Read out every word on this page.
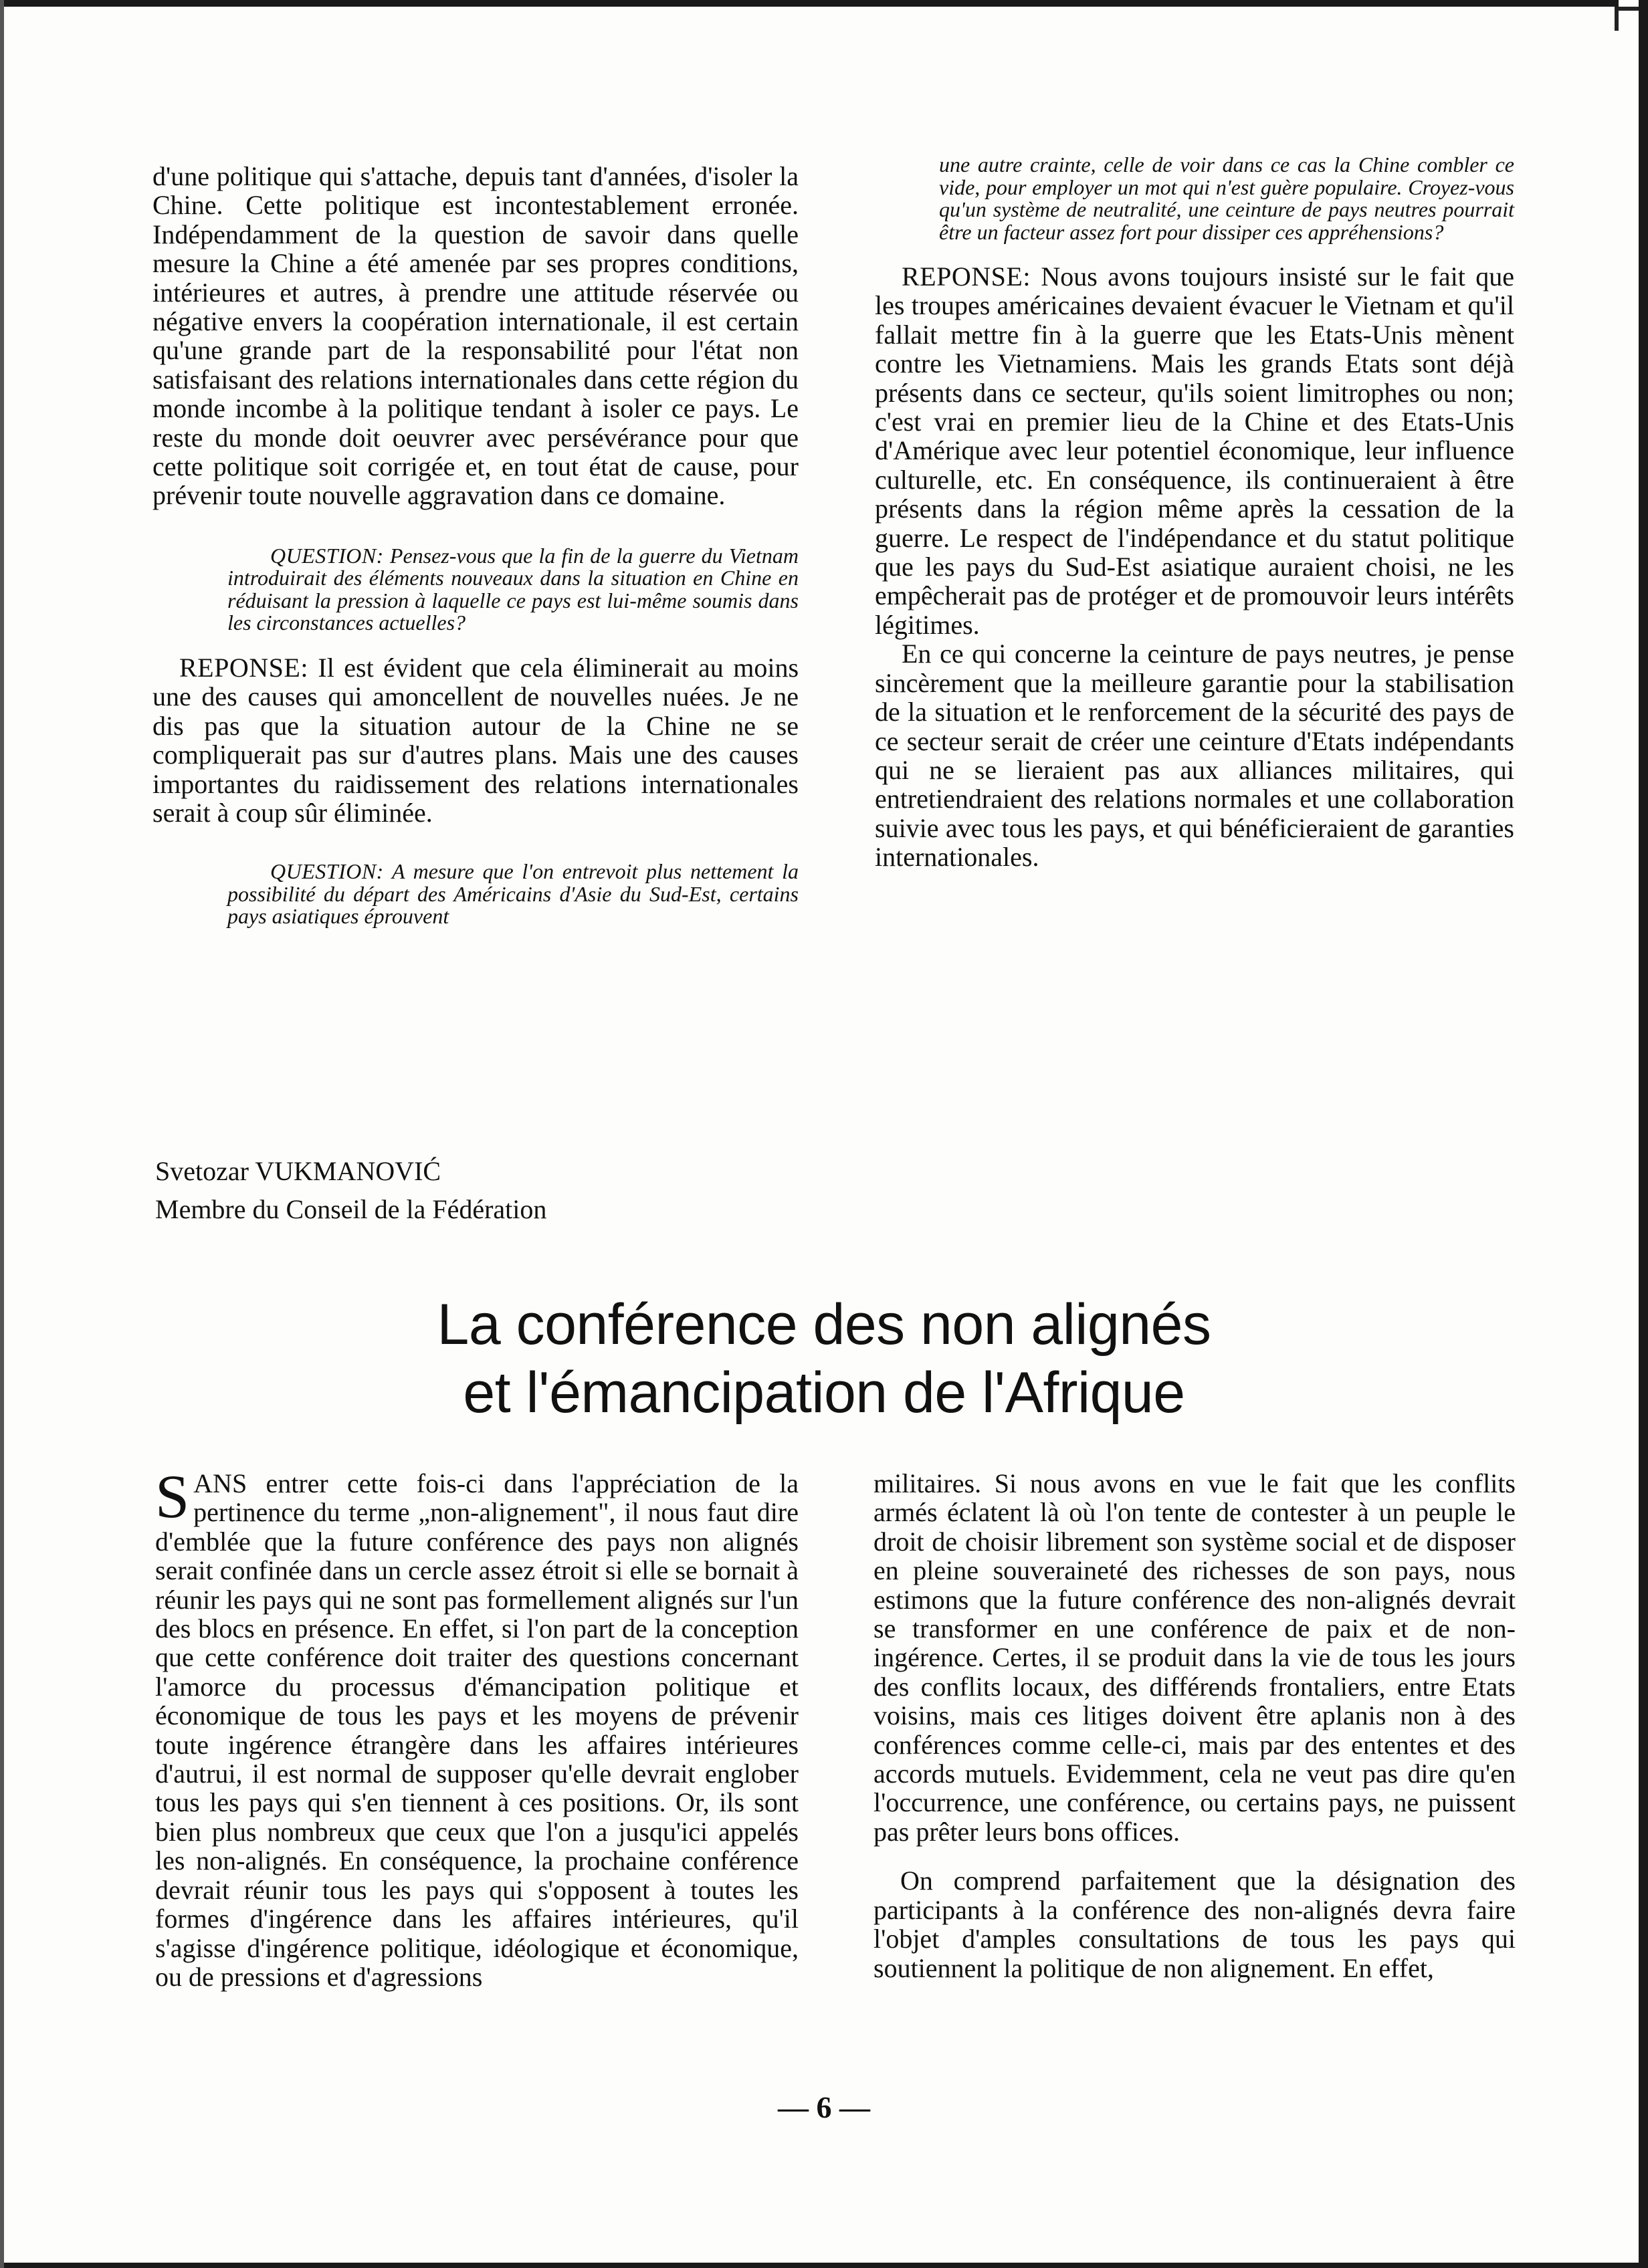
d'une politique qui s'attache, depuis tant d'années, d'isoler la Chine. Cette politique est incontestablement erronée. Indépendamment de la question de savoir dans quelle mesure la Chine a été amenée par ses propres conditions, intérieures et autres, à prendre une attitude réservée ou négative envers la coopération internationale, il est certain qu'une grande part de la responsabilité pour l'état non satisfaisant des relations internationales dans cette région du monde incombe à la politique tendant à isoler ce pays. Le reste du monde doit oeuvrer avec persévérance pour que cette politique soit corrigée et, en tout état de cause, pour prévenir toute nouvelle aggravation dans ce domaine.

QUESTION: Pensez-vous que la fin de la guerre du Vietnam introduirait des éléments nouveaux dans la situation en Chine en réduisant la pression à laquelle ce pays est lui-même soumis dans les circonstances actuelles?

REPONSE: Il est évident que cela éliminerait au moins une des causes qui amoncellent de nouvelles nuées. Je ne dis pas que la situation autour de la Chine ne se compliquerait pas sur d'autres plans. Mais une des causes importantes du raidissement des relations internationales serait à coup sûr éliminée.

QUESTION: A mesure que l'on entrevoit plus nettement la possibilité du départ des Américains d'Asie du Sud-Est, certains pays asiatiques éprouvent

une autre crainte, celle de voir dans ce cas la Chine combler ce vide, pour employer un mot qui n'est guère populaire. Croyez-vous qu'un système de neutralité, une ceinture de pays neutres pourrait être un facteur assez fort pour dissiper ces appréhensions?

REPONSE: Nous avons toujours insisté sur le fait que les troupes américaines devaient évacuer le Vietnam et qu'il fallait mettre fin à la guerre que les Etats-Unis mènent contre les Vietnamiens. Mais les grands Etats sont déjà présents dans ce secteur, qu'ils soient limitrophes ou non; c'est vrai en premier lieu de la Chine et des Etats-Unis d'Amérique avec leur potentiel économique, leur influence culturelle, etc. En conséquence, ils continueraient à être présents dans la région même après la cessation de la guerre. Le respect de l'indépendance et du statut politique que les pays du Sud-Est asiatique auraient choisi, ne les empêcherait pas de protéger et de promouvoir leurs intérêts légitimes.

En ce qui concerne la ceinture de pays neutres, je pense sincèrement que la meilleure garantie pour la stabilisation de la situation et le renforcement de la sécurité des pays de ce secteur serait de créer une ceinture d'Etats indépendants qui ne se lieraient pas aux alliances militaires, qui entretiendraient des relations normales et une collaboration suivie avec tous les pays, et qui bénéficieraient de garanties internationales.

Svetozar VUKMANOVIĆ
Membre du Conseil de la Fédération
La conférence des non alignés
et l'émancipation de l'Afrique

S ANS entrer cette fois-ci dans l'appréciation de la pertinence du terme „non-alignement", il nous faut dire d'emblée que la future conférence des pays non alignés serait confinée dans un cercle assez étroit si elle se bornait à réunir les pays qui ne sont pas formellement alignés sur l'un des blocs en présence. En effet, si l'on part de la conception que cette conférence doit traiter des questions concernant l'amorce du processus d'émancipation politique et économique de tous les pays et les moyens de prévenir toute ingérence étrangère dans les affaires intérieures d'autrui, il est normal de supposer qu'elle devrait englober tous les pays qui s'en tiennent à ces positions. Or, ils sont bien plus nombreux que ceux que l'on a jusqu'ici appelés les non-alignés. En conséquence, la prochaine conférence devrait réunir tous les pays qui s'opposent à toutes les formes d'ingérence dans les affaires intérieures, qu'il s'agisse d'ingérence politique, idéologique et économique, ou de pressions et d'agressions

militaires. Si nous avons en vue le fait que les conflits armés éclatent là où l'on tente de contester à un peuple le droit de choisir librement son système social et de disposer en pleine souveraineté des richesses de son pays, nous estimons que la future conférence des non-alignés devrait se transformer en une conférence de paix et de non-ingérence. Certes, il se produit dans la vie de tous les jours des conflits locaux, des différends frontaliers, entre Etats voisins, mais ces litiges doivent être aplanis non à des conférences comme celle-ci, mais par des ententes et des accords mutuels. Evidemment, cela ne veut pas dire qu'en l'occurrence, une conférence, ou certains pays, ne puissent pas prêter leurs bons offices.

On comprend parfaitement que la désignation des participants à la conférence des non-alignés devra faire l'objet d'amples consultations de tous les pays qui soutiennent la politique de non alignement. En effet,

— 6 —
